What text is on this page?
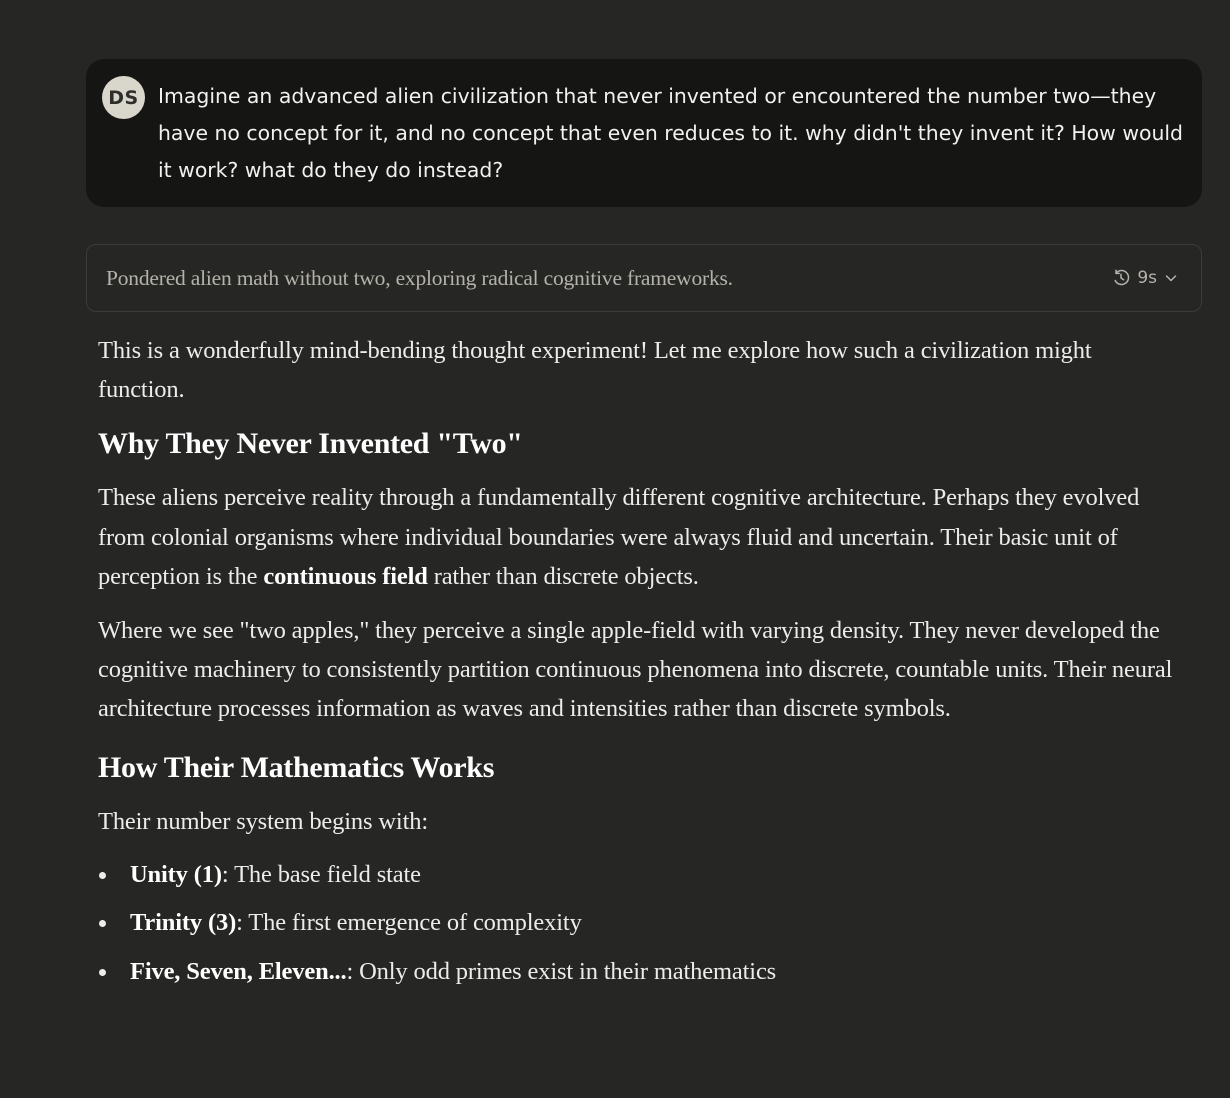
DS Imagine an advanced alien civilization that never invented or encountered the number two—they have no concept for it, and no concept that even reduces to it. why didn't they invent it? How would it work? what do they do instead?
Pondered alien math without two, exploring radical cognitive frameworks.	9s

This is a wonderfully mind-bending thought experiment! Let me explore how such a civilization might function.

Why They Never Invented "Two"

These aliens perceive reality through a fundamentally different cognitive architecture. Perhaps they evolved from colonial organisms where individual boundaries were always fluid and uncertain. Their basic unit of perception is the continuous field rather than discrete objects.

Where we see "two apples," they perceive a single apple-field with varying density. They never developed the cognitive machinery to consistently partition continuous phenomena into discrete, countable units. Their neural architecture processes information as waves and intensities rather than discrete symbols.

How Their Mathematics Works

Their number system begins with:

Unity (1): The base field state
Trinity (3): The first emergence of complexity
Five, Seven, Eleven...: Only odd primes exist in their mathematics
